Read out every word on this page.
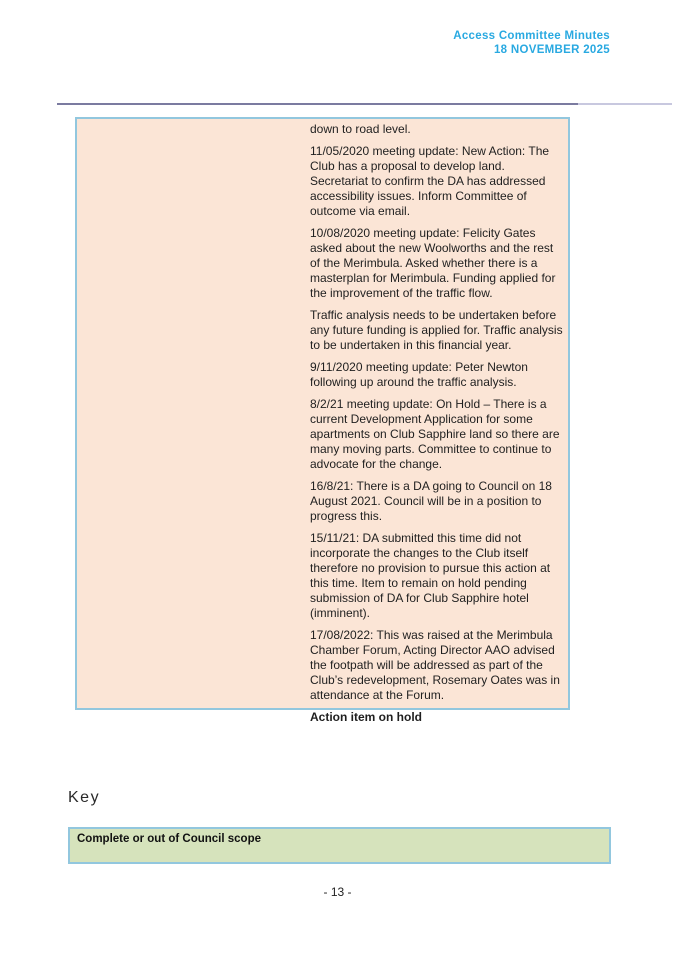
Access Committee Minutes
18 NOVEMBER 2025

down to road level.

11/05/2020 meeting update: New Action: The Club has a proposal to develop land. Secretariat to confirm the DA has addressed accessibility issues. Inform Committee of outcome via email.

10/08/2020 meeting update: Felicity Gates asked about the new Woolworths and the rest of the Merimbula. Asked whether there is a masterplan for Merimbula. Funding applied for the improvement of the traffic flow.

Traffic analysis needs to be undertaken before any future funding is applied for. Traffic analysis to be undertaken in this financial year.

9/11/2020 meeting update: Peter Newton following up around the traffic analysis.

8/2/21 meeting update: On Hold – There is a current Development Application for some apartments on Club Sapphire land so there are many moving parts. Committee to continue to advocate for the change.

16/8/21: There is a DA going to Council on 18 August 2021. Council will be in a position to progress this.

15/11/21: DA submitted this time did not incorporate the changes to the Club itself therefore no provision to pursue this action at this time. Item to remain on hold pending submission of DA for Club Sapphire hotel (imminent).

17/08/2022: This was raised at the Merimbula Chamber Forum, Acting Director AAO advised the footpath will be addressed as part of the Club’s redevelopment, Rosemary Oates was in attendance at the Forum.

Action item on hold

Key
Complete or out of Council scope
- 13 -
